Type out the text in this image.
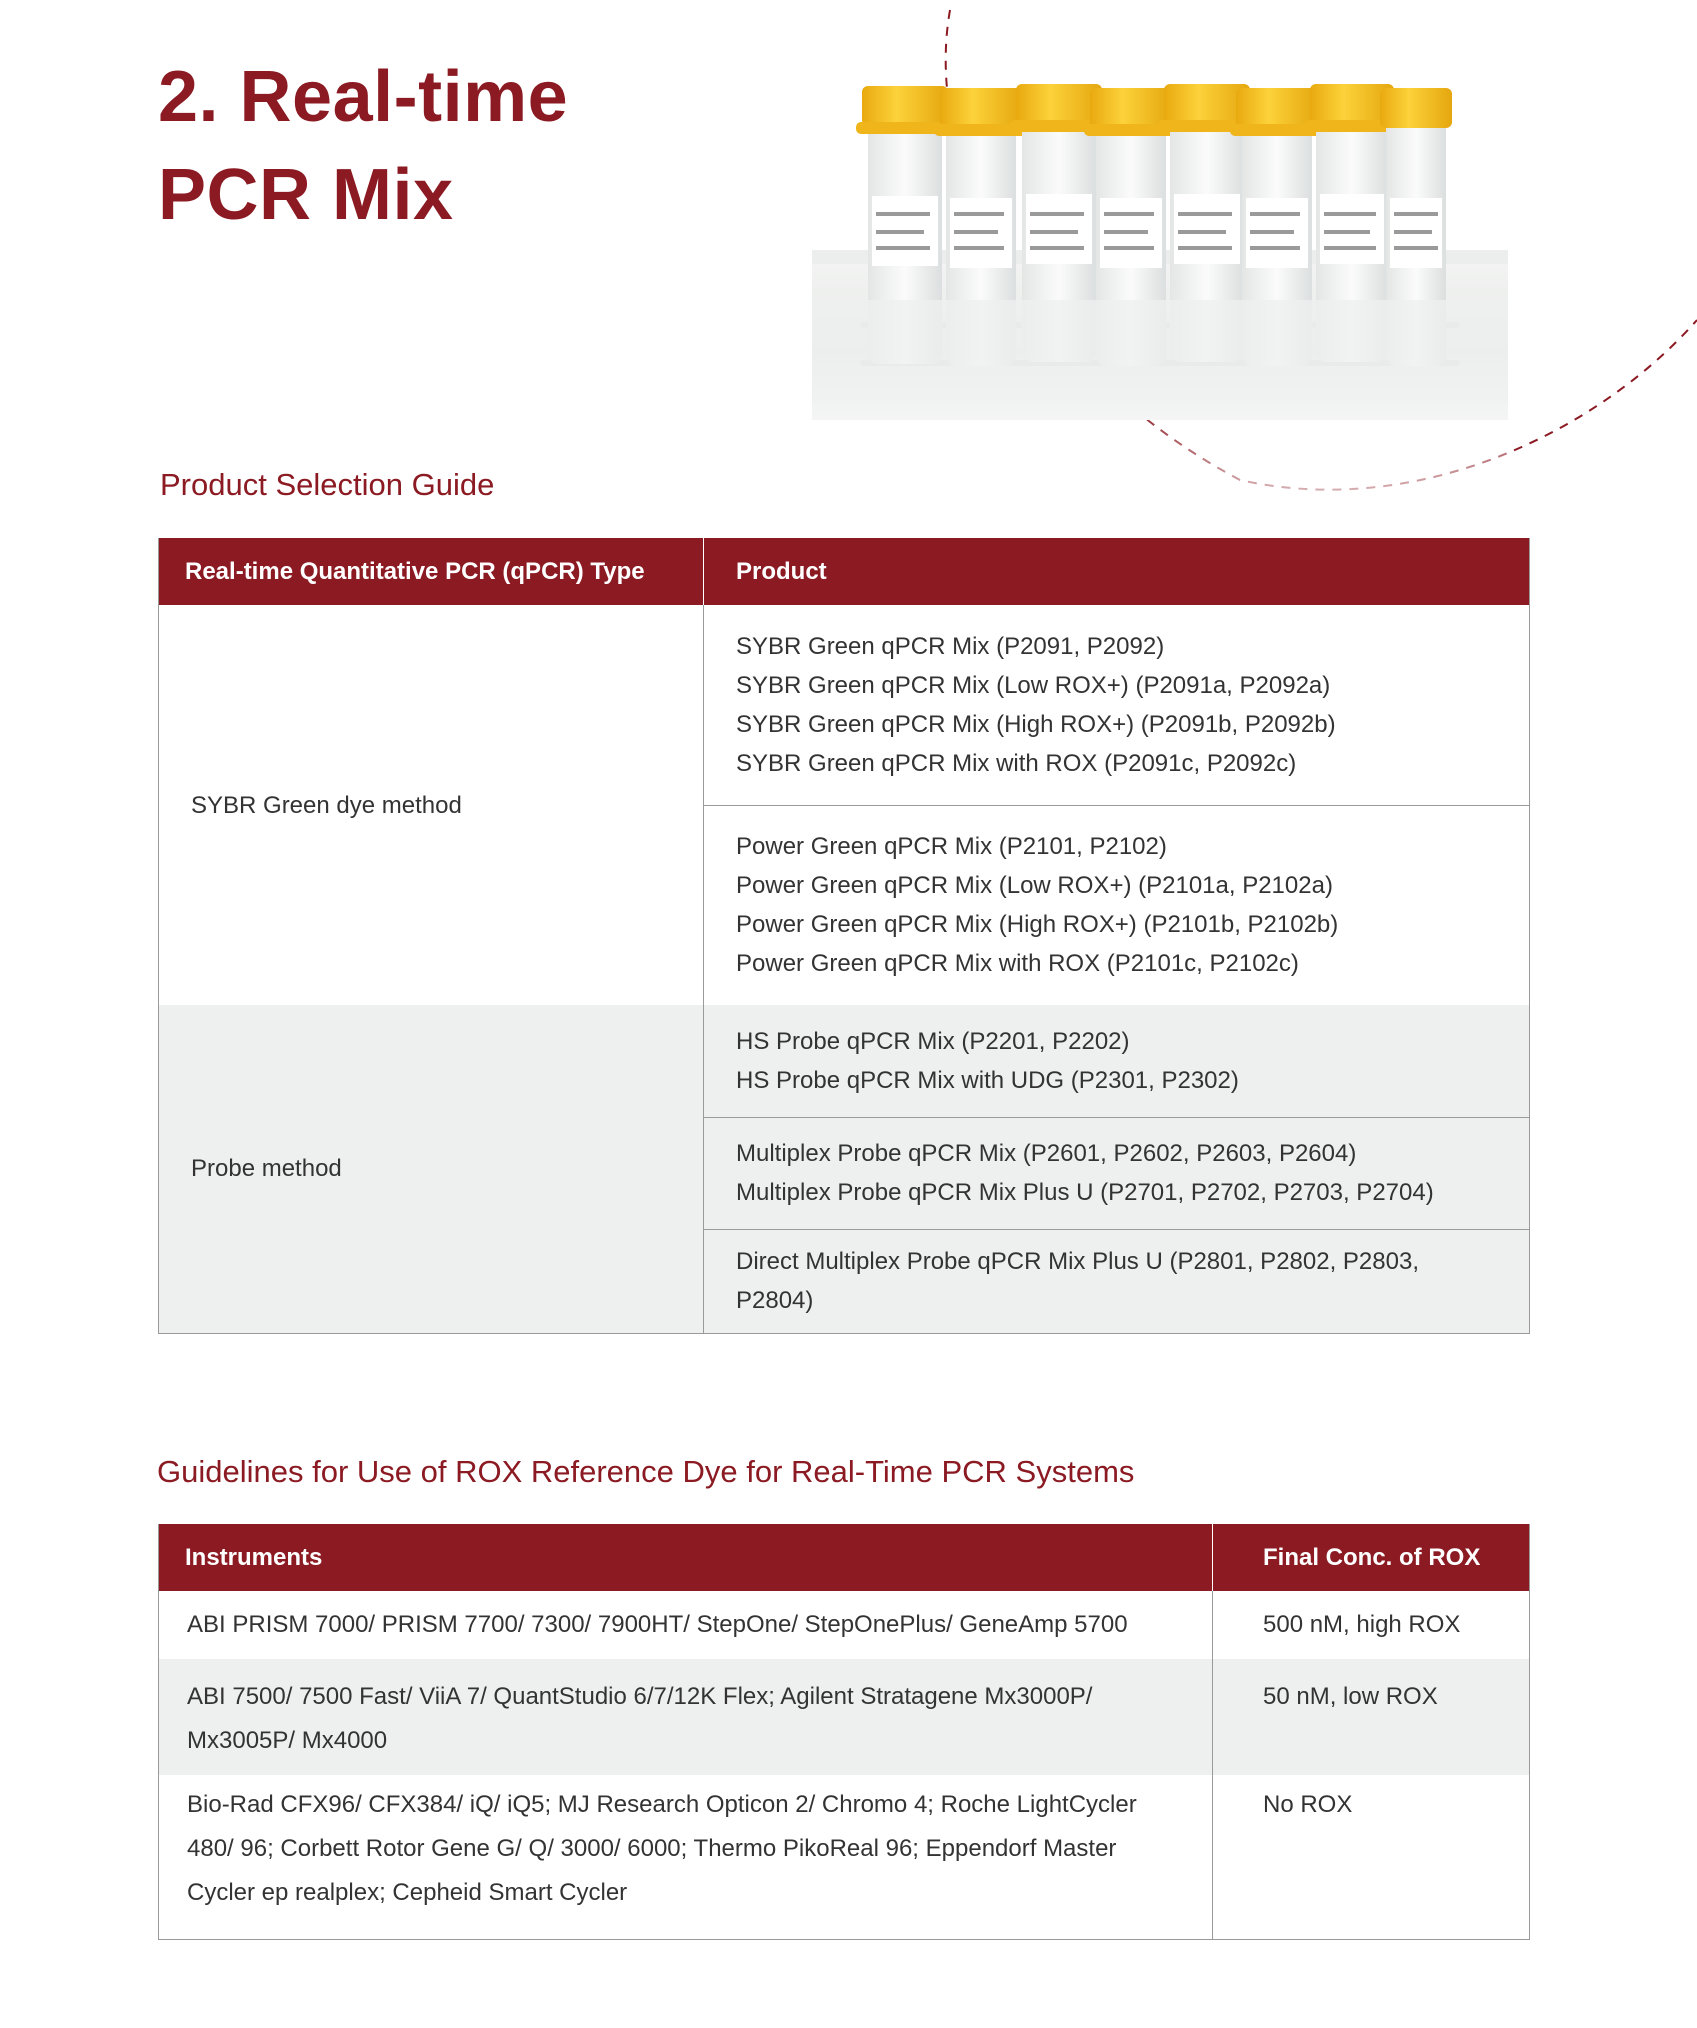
2. Real-time
PCR Mix
Product Selection Guide
Real-time Quantitative PCR (qPCR) Type	Product
SYBR Green dye method	SYBR Green qPCR Mix (P2091, P2092)
SYBR Green qPCR Mix (Low ROX+) (P2091a, P2092a)
SYBR Green qPCR Mix (High ROX+) (P2091b, P2092b)
SYBR Green qPCR Mix with ROX (P2091c, P2092c)

	Power Green qPCR Mix (P2101, P2102)
Power Green qPCR Mix (Low ROX+) (P2101a, P2102a)
Power Green qPCR Mix (High ROX+) (P2101b, P2102b)
Power Green qPCR Mix with ROX (P2101c, P2102c)

Probe method	HS Probe qPCR Mix (P2201, P2202)
HS Probe qPCR Mix with UDG (P2301, P2302)

	Multiplex Probe qPCR Mix (P2601, P2602, P2603, P2604)
Multiplex Probe qPCR Mix Plus U (P2701, P2702, P2703, P2704)

	Direct Multiplex Probe qPCR Mix Plus U (P2801, P2802, P2803,
P2804)
Guidelines for Use of ROX Reference Dye for Real-Time PCR Systems
Instruments	Final Conc. of ROX

ABI PRISM 7000/ PRISM 7700/ 7300/ 7900HT/ StepOne/ StepOnePlus/ GeneAmp 5700	500 nM, high ROX

ABI 7500/ 7500 Fast/ ViiA 7/ QuantStudio 6/7/12K Flex; Agilent Stratagene Mx3000P/
Mx3005P/ Mx4000	50 nM, low ROX

Bio-Rad CFX96/ CFX384/ iQ/ iQ5; MJ Research Opticon 2/ Chromo 4; Roche LightCycler
480/ 96; Corbett Rotor Gene G/ Q/ 3000/ 6000; Thermo PikoReal 96; Eppendorf Master
Cycler ep realplex; Cepheid Smart Cycler	No ROX
